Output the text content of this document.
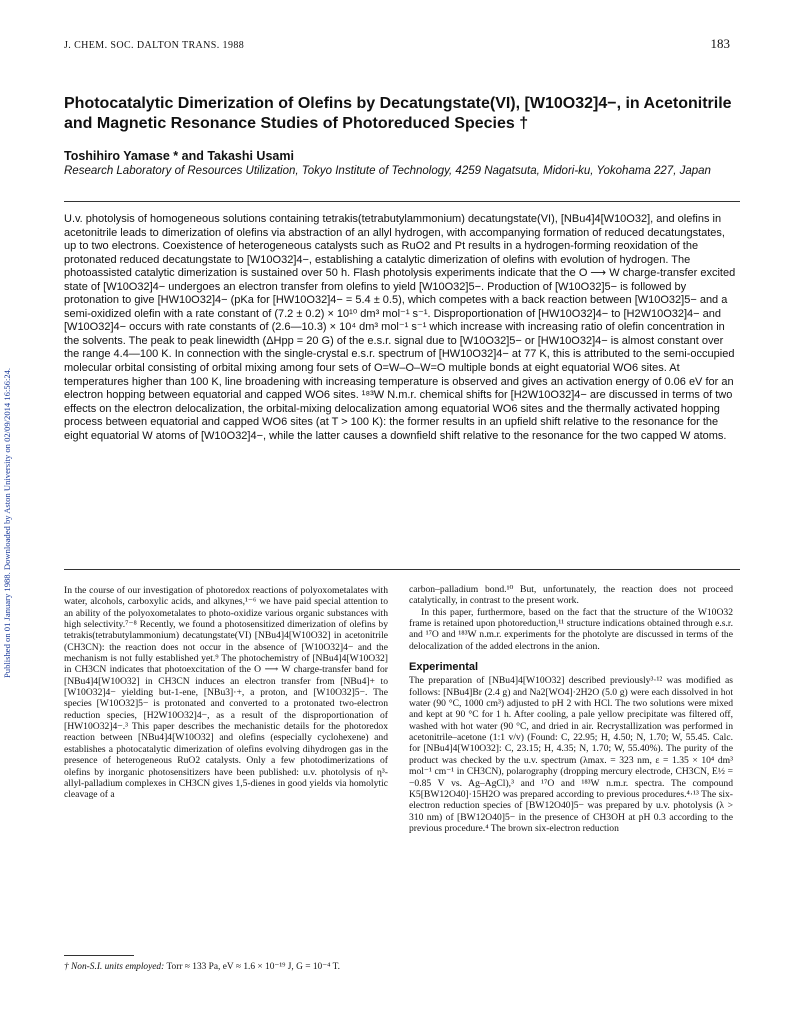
Published on 01 January 1988. Downloaded by Aston University on 02/09/2014 16:56:24.
J. CHEM. SOC. DALTON TRANS. 1988	183
Photocatalytic Dimerization of Olefins by Decatungstate(VI), [W10O32]4−, in Acetonitrile and Magnetic Resonance Studies of Photoreduced Species †
Toshihiro Yamase * and Takashi Usami
Research Laboratory of Resources Utilization, Tokyo Institute of Technology, 4259 Nagatsuta, Midori-ku, Yokohama 227, Japan

U.v. photolysis of homogeneous solutions containing tetrakis(tetrabutylammonium) decatungstate(VI), [NBu4]4[W10O32], and olefins in acetonitrile leads to dimerization of olefins via abstraction of an allyl hydrogen, with accompanying formation of reduced decatungstates, up to two electrons. Coexistence of heterogeneous catalysts such as RuO2 and Pt results in a hydrogen-forming reoxidation of the protonated reduced decatungstate to [W10O32]4−, establishing a catalytic dimerization of olefins with evolution of hydrogen. The photoassisted catalytic dimerization is sustained over 50 h. Flash photolysis experiments indicate that the O ⟶ W charge-transfer excited state of [W10O32]4− undergoes an electron transfer from olefins to yield [W10O32]5−. Production of [W10O32]5− is followed by protonation to give [HW10O32]4− (pKa for [HW10O32]4− = 5.4 ± 0.5), which competes with a back reaction between [W10O32]5− and a semi-oxidized olefin with a rate constant of (7.2 ± 0.2) × 10¹⁰ dm³ mol⁻¹ s⁻¹. Disproportionation of [HW10O32]4− to [H2W10O32]4− and [W10O32]4− occurs with rate constants of (2.6—10.3) × 10⁴ dm³ mol⁻¹ s⁻¹ which increase with increasing ratio of olefin concentration in the solvents. The peak to peak linewidth (ΔHpp = 20 G) of the e.s.r. signal due to [W10O32]5− or [HW10O32]4− is almost constant over the range 4.4—100 K. In connection with the single-crystal e.s.r. spectrum of [HW10O32]4− at 77 K, this is attributed to the semi-occupied molecular orbital consisting of orbital mixing among four sets of O=W–O–W=O multiple bonds at eight equatorial WO6 sites. At temperatures higher than 100 K, line broadening with increasing temperature is observed and gives an activation energy of 0.06 eV for an electron hopping between equatorial and capped WO6 sites. ¹⁸³W N.m.r. chemical shifts for [H2W10O32]4− are discussed in terms of two effects on the electron delocalization, the orbital-mixing delocalization among equatorial WO6 sites and the thermally activated hopping process between equatorial and capped WO6 sites (at T > 100 K): the former results in an upfield shift relative to the resonance for the eight equatorial W atoms of [W10O32]4−, while the latter causes a downfield shift relative to the resonance for the two capped W atoms.

In the course of our investigation of photoredox reactions of polyoxometalates with water, alcohols, carboxylic acids, and alkynes,¹⁻⁶ we have paid special attention to an ability of the polyoxometalates to photo-oxidize various organic substances with high selectivity.⁷⁻⁸ Recently, we found a photosensitized dimerization of olefins by tetrakis(tetrabutylammonium) decatungstate(VI) [NBu4]4[W10O32] in acetonitrile (CH3CN): the reaction does not occur in the absence of [W10O32]4− and the mechanism is not fully established yet.⁹ The photochemistry of [NBu4]4[W10O32] in CH3CN indicates that photoexcitation of the O ⟶ W charge-transfer band for [NBu4]4[W10O32] in CH3CN induces an electron transfer from [NBu4]+ to [W10O32]4− yielding but-1-ene, [NBu3]·+, a proton, and [W10O32]5−. The species [W10O32]5− is protonated and converted to a protonated two-electron reduction species, [H2W10O32]4−, as a result of the disproportionation of [HW10O32]4−.³ This paper describes the mechanistic details for the photoredox reaction between [NBu4]4[W10O32] and olefins (especially cyclohexene) and establishes a photocatalytic dimerization of olefins evolving dihydrogen gas in the presence of heterogeneous RuO2 catalysts. Only a few photodimerizations of olefins by inorganic photosensitizers have been published: u.v. photolysis of η³-allyl-palladium complexes in CH3CN gives 1,5-dienes in good yields via homolytic cleavage of a

carbon–palladium bond.¹⁰ But, unfortunately, the reaction does not proceed catalytically, in contrast to the present work.

In this paper, furthermore, based on the fact that the structure of the W10O32 frame is retained upon photoreduction,¹¹ structure indications obtained through e.s.r. and ¹⁷O and ¹⁸³W n.m.r. experiments for the photolyte are discussed in terms of the delocalization of the added electrons in the anion.

Experimental

The preparation of [NBu4]4[W10O32] described previously³·¹² was modified as follows: [NBu4]Br (2.4 g) and Na2[WO4]·2H2O (5.0 g) were each dissolved in hot water (90 °C, 1000 cm³) adjusted to pH 2 with HCl. The two solutions were mixed and kept at 90 °C for 1 h. After cooling, a pale yellow precipitate was filtered off, washed with hot water (90 °C, and dried in air. Recrystallization was performed in acetonitrile–acetone (1:1 v/v) (Found: C, 22.95; H, 4.50; N, 1.70; W, 55.45. Calc. for [NBu4]4[W10O32]: C, 23.15; H, 4.35; N, 1.70; W, 55.40%). The purity of the product was checked by the u.v. spectrum (λmax. = 323 nm, ε = 1.35 × 10⁴ dm³ mol⁻¹ cm⁻¹ in CH3CN), polarography (dropping mercury electrode, CH3CN, E½ = −0.85 V vs. Ag–AgCl),³ and ¹⁷O and ¹⁸³W n.m.r. spectra. The compound K5[BW12O40]·15H2O was prepared according to previous procedures.⁴·¹³ The six-electron reduction species of [BW12O40]5− was prepared by u.v. photolysis (λ > 310 nm) of [BW12O40]5− in the presence of CH3OH at pH 0.3 according to the previous procedure.⁴ The brown six-electron reduction

† Non-S.I. units employed: Torr ≈ 133 Pa, eV ≈ 1.6 × 10⁻¹⁹ J, G = 10⁻⁴ T.
